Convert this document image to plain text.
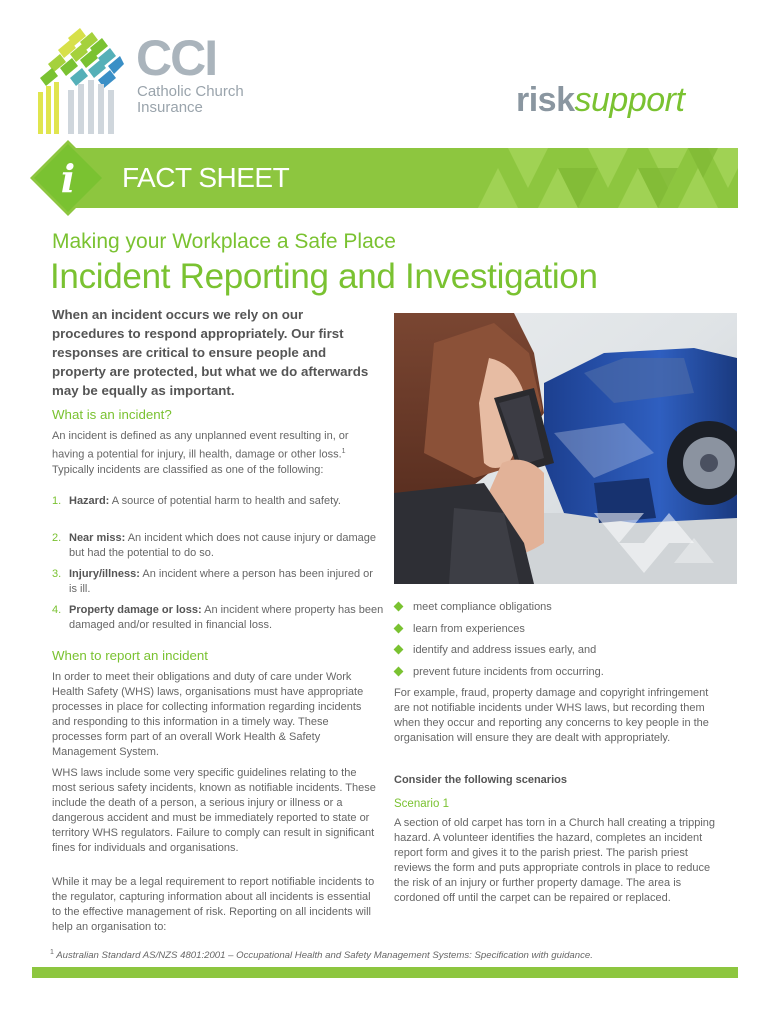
CCI
Catholic Church
Insurance	risksupport
FACT SHEET
i
Making your Workplace a Safe Place
Incident Reporting and Investigation

When an incident occurs we rely on our procedures to respond appropriately. Our first responses are critical to ensure people and property are protected, but what we do afterwards may be equally as important.

What is an incident?

An incident is defined as any unplanned event resulting in, or having a potential for injury, ill health, damage or other loss.$^1$ Typically incidents are classified as one of the following:

1. Hazard: A source of potential harm to health and safety.
2. Near miss: An incident which does not cause injury or damage but had the potential to do so.
3. Injury/illness: An incident where a person has been injured or is ill.
4. Property damage or loss: An incident where property has been damaged and/or resulted in financial loss.

When to report an incident

In order to meet their obligations and duty of care under Work Health Safety (WHS) laws, organisations must have appropriate processes in place for collecting information regarding incidents and responding to this information in a timely way. These processes form part of an overall Work Health & Safety Management System.

WHS laws include some very specific guidelines relating to the most serious safety incidents, known as notifiable incidents. These include the death of a person, a serious injury or illness or a dangerous accident and must be immediately reported to state or territory WHS regulators. Failure to comply can result in significant fines for individuals and organisations.

While it may be a legal requirement to report notifiable incidents to the regulator, capturing information about all incidents is essential to the effective management of risk. Reporting on all incidents will help an organisation to:

meet compliance obligations
learn from experiences
identify and address issues early, and
prevent future incidents from occurring.

For example, fraud, property damage and copyright infringement are not notifiable incidents under WHS laws, but recording them when they occur and reporting any concerns to key people in the organisation will ensure they are dealt with appropriately.

Consider the following scenarios

Scenario 1

A section of old carpet has torn in a Church hall creating a tripping hazard. A volunteer identifies the hazard, completes an incident report form and gives it to the parish priest. The parish priest reviews the form and puts appropriate controls in place to reduce the risk of an injury or further property damage. The area is cordoned off until the carpet can be repaired or replaced.

$^1$ Australian Standard AS/NZS 4801:2001 – Occupational Health and Safety Management Systems: Specification with guidance.
